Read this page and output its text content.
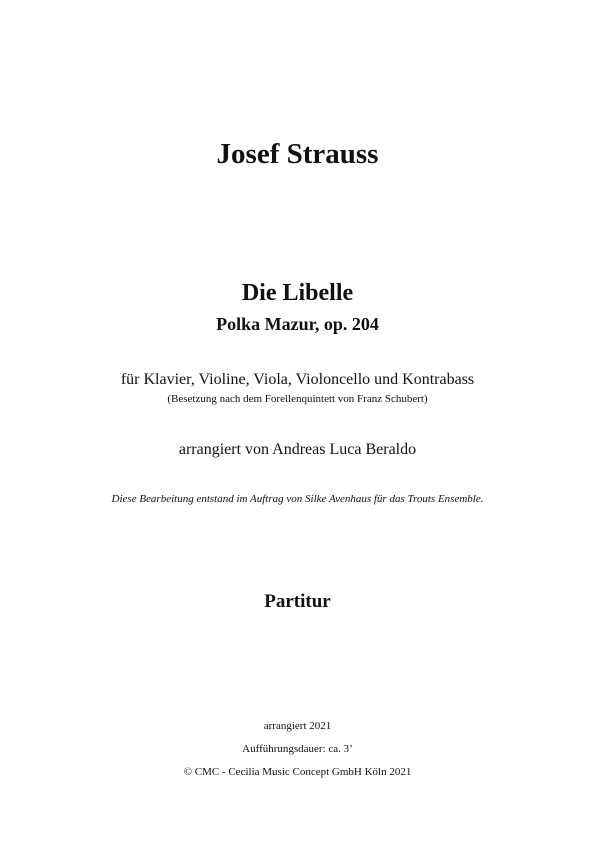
Josef Strauss
Die Libelle
Polka Mazur, op. 204
für Klavier, Violine, Viola, Violoncello und Kontrabass
(Besetzung nach dem Forellenquintett von Franz Schubert)
arrangiert von Andreas Luca Beraldo
Diese Bearbeitung entstand im Auftrag von Silke Avenhaus für das Trouts Ensemble.
Partitur
arrangiert 2021
Aufführungsdauer: ca. 3’
© CMC - Cecilia Music Concept GmbH Köln 2021
